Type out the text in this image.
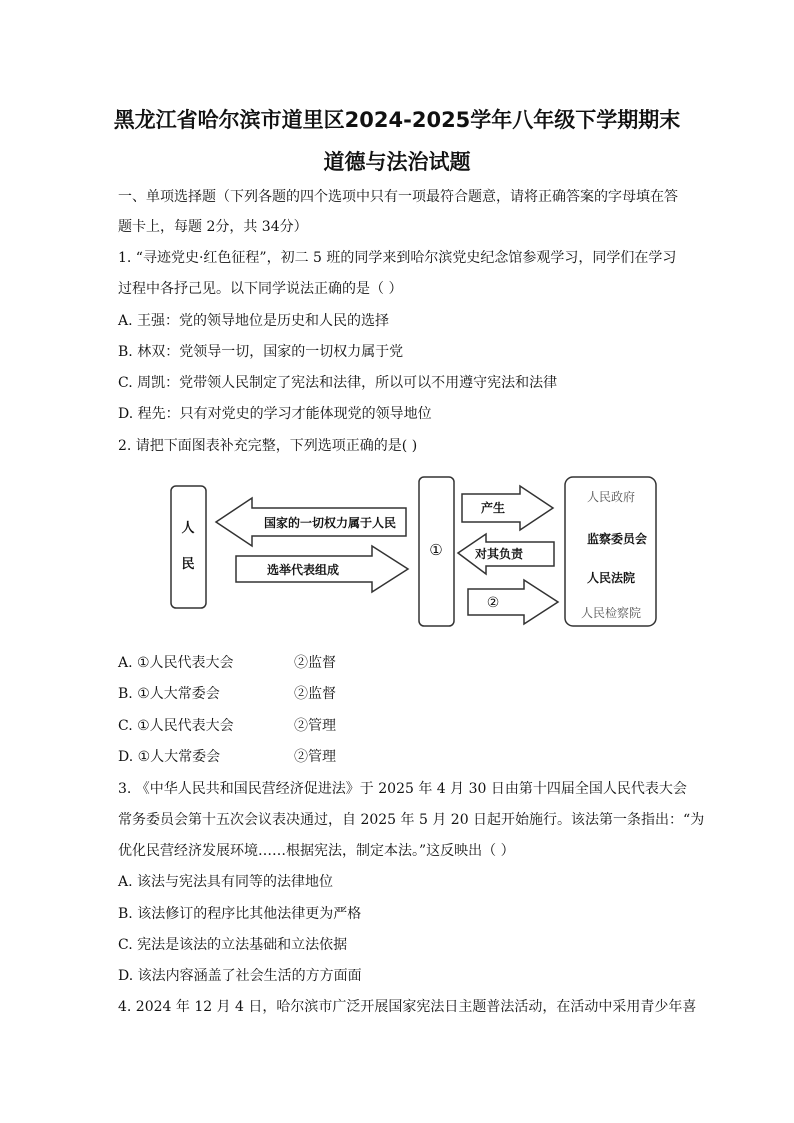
黑龙江省哈尔滨市道里区2024-2025学年八年级下学期期末
道德与法治试题
一、单项选择题（下列各题的四个选项中只有一项最符合题意，请将正确答案的字母填在答
题卡上，每题 2分，共 34分）
1. “寻迹党史·红色征程”，初二 5 班的同学来到哈尔滨党史纪念馆参观学习，同学们在学习
过程中各抒己见。以下同学说法正确的是（ ）
A. 王强：党的领导地位是历史和人民的选择
B. 林双：党领导一切，国家的一切权力属于党
C. 周凯：党带领人民制定了宪法和法律，所以可以不用遵守宪法和法律
D. 程先：只有对党史的学习才能体现党的领导地位
2. 请把下面图表补充完整，下列选项正确的是( )
人
民
国家的一切权力属于人民
选举代表组成
①
产生
对其负责
②
人民政府
监察委员会
人民法院
人民检察院
A. ①人民代表大会	②监督
B. ①人大常委会	②监督
C. ①人民代表大会	②管理
D. ①人大常委会	②管理
3. 《中华人民共和国民营经济促进法》于 2025 年 4 月 30 日由第十四届全国人民代表大会
常务委员会第十五次会议表决通过，自 2025 年 5 月 20 日起开始施行。该法第一条指出：“为
优化民营经济发展环境……根据宪法，制定本法。”这反映出（ ）
A. 该法与宪法具有同等的法律地位
B. 该法修订的程序比其他法律更为严格
C. 宪法是该法的立法基础和立法依据
D. 该法内容涵盖了社会生活的方方面面
4. 2024 年 12 月 4 日，哈尔滨市广泛开展国家宪法日主题普法活动，在活动中采用青少年喜
